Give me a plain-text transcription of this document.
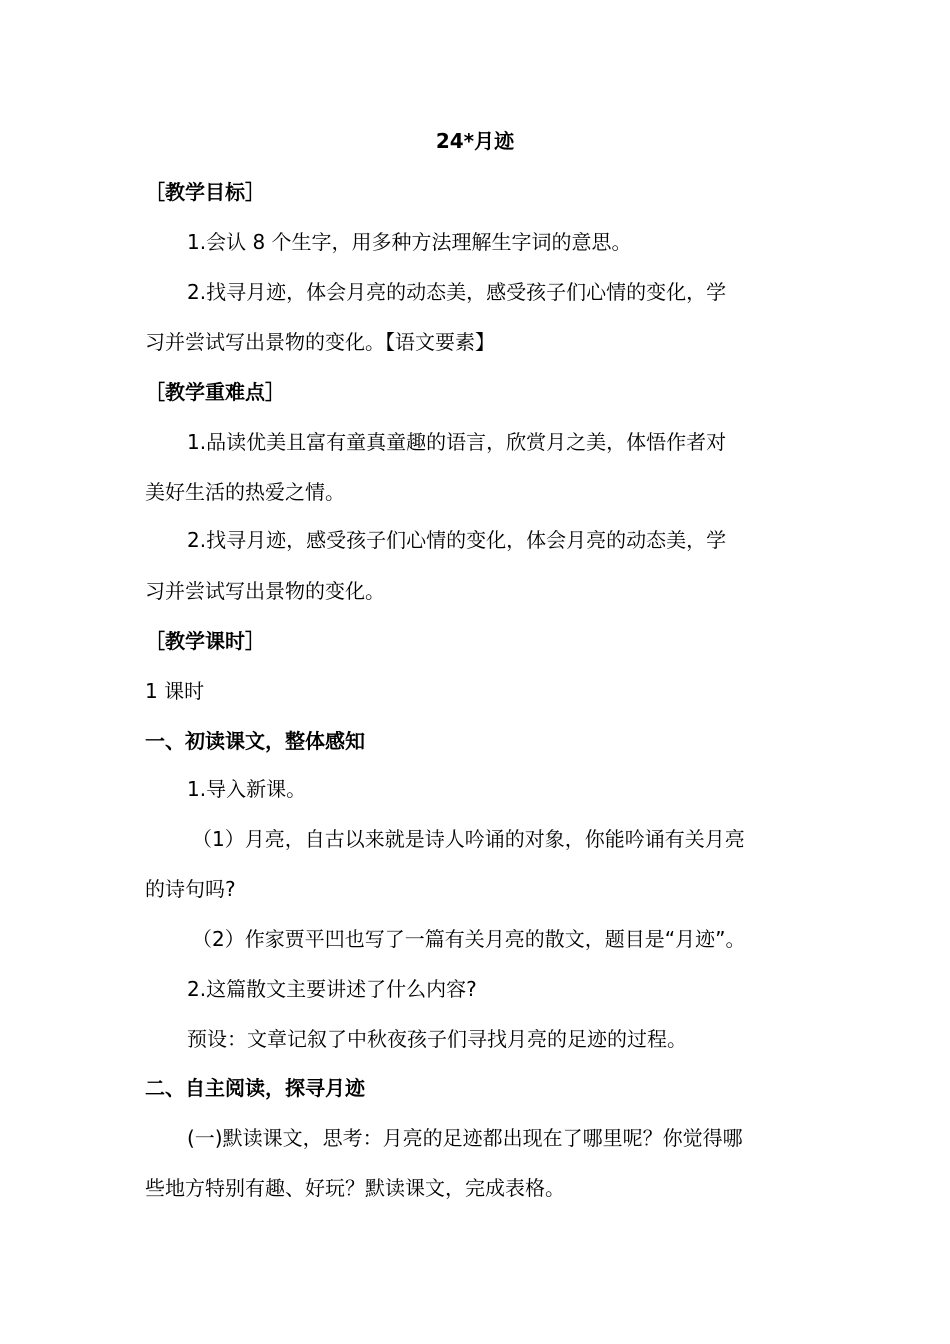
24*月迹
［教学目标］
1.会认 8 个生字，用多种方法理解生字词的意思。
2.找寻月迹，体会月亮的动态美，感受孩子们心情的变化，学
习并尝试写出景物的变化。【语文要素】
［教学重难点］
1.品读优美且富有童真童趣的语言，欣赏月之美，体悟作者对
美好生活的热爱之情。
2.找寻月迹，感受孩子们心情的变化，体会月亮的动态美，学
习并尝试写出景物的变化。
［教学课时］
1 课时
一、初读课文，整体感知
1.导入新课。
（1）月亮，自古以来就是诗人吟诵的对象，你能吟诵有关月亮
的诗句吗?
（2）作家贾平凹也写了一篇有关月亮的散文，题目是“月迹”。
2.这篇散文主要讲述了什么内容?
预设：文章记叙了中秋夜孩子们寻找月亮的足迹的过程。
二、自主阅读，探寻月迹
(一)默读课文，思考：月亮的足迹都出现在了哪里呢？你觉得哪
些地方特别有趣、好玩？默读课文，完成表格。
